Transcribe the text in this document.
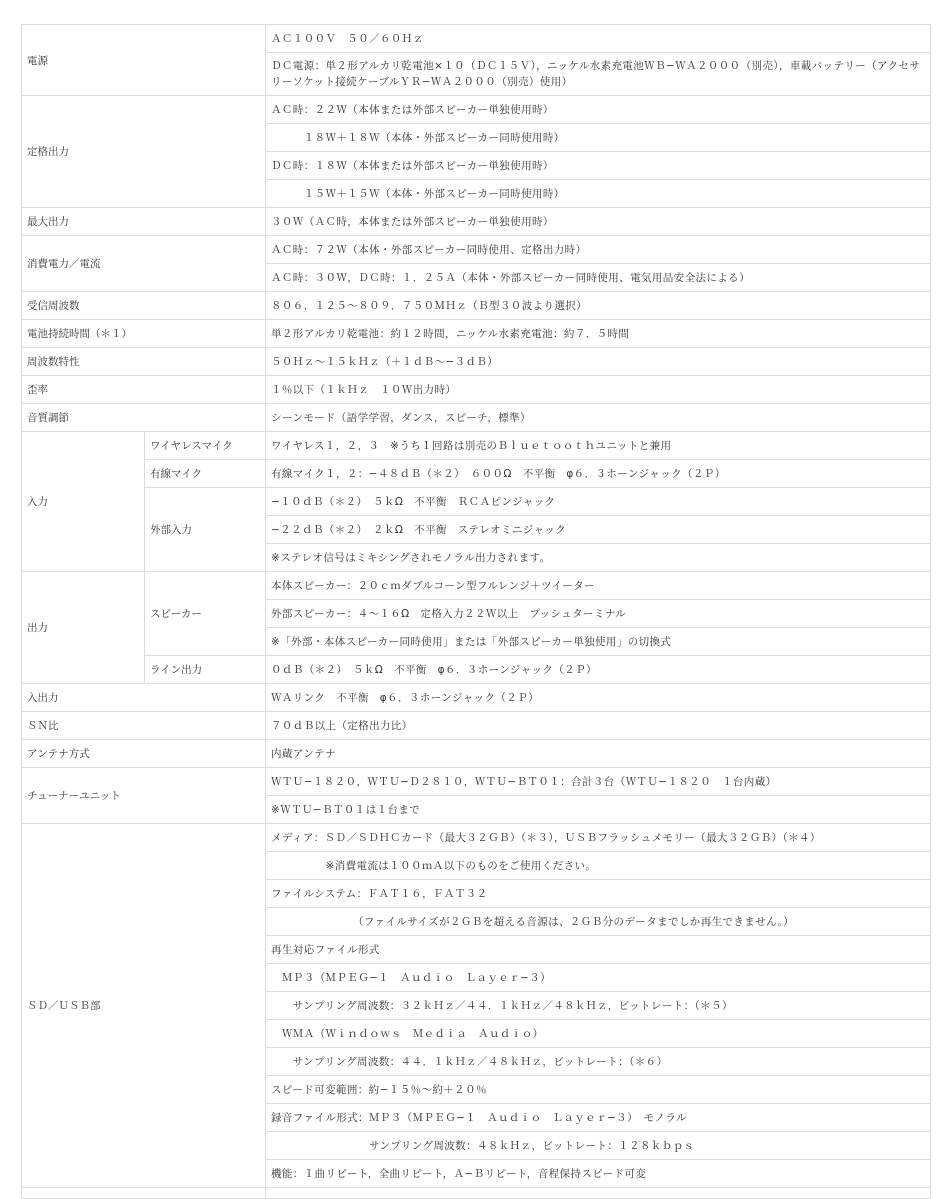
電源		ＡＣ１００Ｖ　５０／６０Ｈｚ
		ＤＣ電源：単２形アルカリ乾電池×１０（ＤＣ１５Ｖ），ニッケル水素充電池ＷＢ−ＷＡ２０００（別売），車載バッテリー（アクセサリーソケット接続ケーブルＹＲ−ＷＡ２０００（別売）使用）
定格出力		ＡＣ時：２２Ｗ（本体または外部スピーカー単独使用時）
		　　　１８Ｗ＋１８Ｗ（本体・外部スピーカー同時使用時）
		ＤＣ時：１８Ｗ（本体または外部スピーカー単独使用時）
		　　　１５Ｗ＋１５Ｗ（本体・外部スピーカー同時使用時）
最大出力		３０Ｗ（ＡＣ時，本体または外部スピーカー単独使用時）
消費電力／電流		ＡＣ時：７２Ｗ（本体・外部スピーカー同時使用、定格出力時）
		ＡＣ時：３０Ｗ，ＤＣ時：１．２５Ａ（本体・外部スピーカー同時使用、電気用品安全法による）
受信周波数		８０６．１２５〜８０９．７５０ＭＨｚ（Ｂ型３０波より選択）
電池持続時間（＊１）		単２形アルカリ乾電池：約１２時間，ニッケル水素充電池：約７．５時間
周波数特性		５０Ｈｚ〜１５ｋＨｚ（＋１ｄＢ〜−３ｄＢ）
歪率		１％以下（１ｋＨｚ　１０Ｗ出力時）
音質調節		シーンモード（語学学習，ダンス，スピーチ，標準）
入力	ワイヤレスマイク	ワイヤレス１，２，３　※うち１回路は別売のＢｌｕｅｔｏｏｔｈユニットと兼用
	有線マイク	有線マイク１，２：−４８ｄＢ（＊２）　６００Ω　不平衡　φ６．３ホーンジャック（２Ｐ）
	外部入力	−１０ｄＢ（＊２）　５ｋΩ　不平衡　ＲＣＡピンジャック
		−２２ｄＢ（＊２）　２ｋΩ　不平衡　ステレオミニジャック
		※ステレオ信号はミキシングされモノラル出力されます。
出力	スピーカー	本体スピーカー：２０ｃｍダブルコーン型フルレンジ＋ツイーター
		外部スピーカー：４〜１６Ω　定格入力２２Ｗ以上　プッシュターミナル
		※「外部・本体スピーカー同時使用」または「外部スピーカー単独使用」の切換式
	ライン出力	０ｄＢ（＊２）　５ｋΩ　不平衡　φ６．３ホーンジャック（２Ｐ）
入出力		ＷＡリンク　不平衡　φ６．３ホーンジャック（２Ｐ）
ＳＮ比		７０ｄＢ以上（定格出力比）
アンテナ方式		内蔵アンテナ
チューナーユニット		ＷＴＵ−１８２０，ＷＴＵ−Ｄ２８１０，ＷＴＵ−ＢＴ０１：合計３台（ＷＴＵ−１８２０　１台内蔵）
		※ＷＴＵ−ＢＴ０１は１台まで
ＳＤ／ＵＳＢ部		メディア：ＳＤ／ＳＤＨＣカード（最大３２ＧＢ）（＊３），ＵＳＢフラッシュメモリー（最大３２ＧＢ）（＊４）
		　　　　　※消費電流は１００ｍＡ以下のものをご使用ください。
		ファイルシステム：ＦＡＴ１６，ＦＡＴ３２
		　　　　　　　　（ファイルサイズが２ＧＢを超える音源は、２ＧＢ分のデータまでしか再生できません。）
		再生対応ファイル形式
		　ＭＰ３（ＭＰＥＧ−１　Ａｕｄｉｏ　Ｌａｙｅｒ−３）
		　　サンプリング周波数：３２ｋＨｚ／４４．１ｋＨｚ／４８ｋＨｚ，ビットレート：（＊５）
		　ＷＭＡ（Ｗｉｎｄｏｗｓ　Ｍｅｄｉａ　Ａｕｄｉｏ）
		　　サンプリング周波数：４４．１ｋＨｚ／４８ｋＨｚ，ビットレート：（＊６）
		スピード可変範囲：約−１５％〜約＋２０％
		録音ファイル形式：ＭＰ３（ＭＰＥＧ−１　Ａｕｄｉｏ　Ｌａｙｅｒ−３）　モノラル
		　　　　　　　　　サンプリング周波数：４８ｋＨｚ，ビットレート：１２８ｋｂｐｓ
		機能：１曲リピート，全曲リピート，Ａ−Ｂリピート，音程保持スピード可変
